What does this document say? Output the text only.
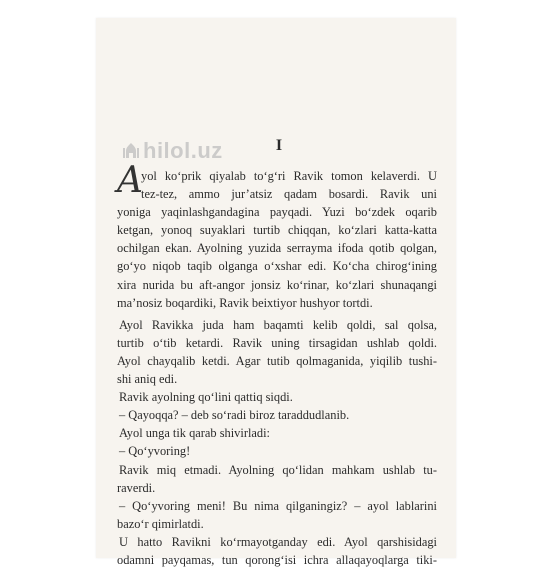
hilol.uz	I
A
yol ko‘prik qiyalab to‘g‘ri Ravik tomon kelaverdi. U
tez-tez, ammo jur’atsiz qadam bosardi. Ravik uni
yoniga yaqinlashgandagina payqadi. Yuzi bo‘zdek oqarib
ketgan, yonoq suyaklari turtib chiqqan, ko‘zlari katta-katta
ochilgan ekan. Ayolning yuzida serrayma ifoda qotib qolgan,
go‘yo niqob taqib olganga o‘xshar edi. Ko‘cha chirog‘ining
xira nurida bu aft-angor jonsiz ko‘rinar, ko‘zlari shunaqangi
ma’nosiz boqardiki, Ravik beixtiyor hushyor tortdi.
Ayol Ravikka juda ham baqamti kelib qoldi, sal qolsa,
turtib o‘tib ketardi. Ravik uning tirsagidan ushlab qoldi.
Ayol chayqalib ketdi. Agar tutib qolmaganida, yiqilib tushi-
shi aniq edi.
Ravik ayolning qo‘lini qattiq siqdi.
– Qayoqqa? – deb so‘radi biroz taraddudlanib.
Ayol unga tik qarab shivirladi:
– Qo‘yvoring!
Ravik miq etmadi. Ayolning qo‘lidan mahkam ushlab tu-
raverdi.
– Qo‘yvoring meni! Bu nima qilganingiz? – ayol lablarini
bazo‘r qimirlatdi.
U hatto Ravikni ko‘rmayotganday edi. Ayol qarshisidagi
odamni payqamas, tun qorong‘isi ichra allaqayoqlarga tiki-
